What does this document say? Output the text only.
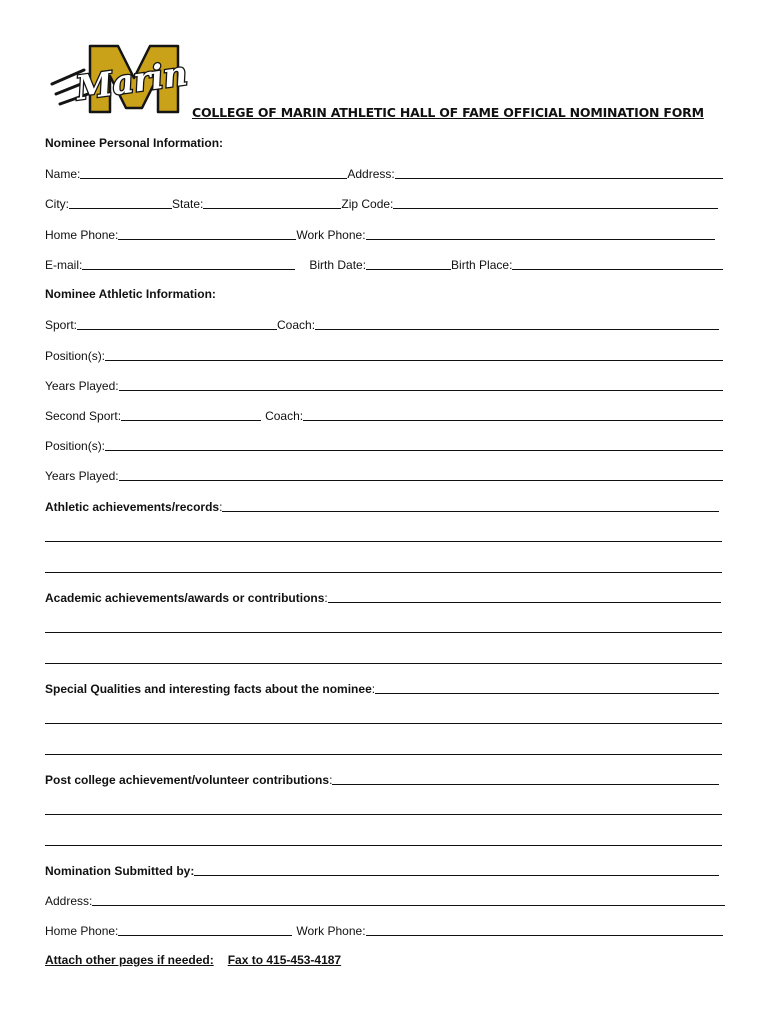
Marin
COLLEGE OF MARIN ATHLETIC HALL OF FAME OFFICIAL NOMINATION FORM
Nominee Personal Information:
Name:	Address:
City:	State:	Zip Code:
Home Phone:	Work Phone:
E-mail:	Birth Date:	Birth Place:
Nominee Athletic Information:
Sport:	Coach:
Position(s):
Years Played:
Second Sport:	Coach:
Position(s):
Years Played:
Athletic achievements/records :
Academic achievements/awards or contributions :
Special Qualities and interesting facts about the nominee :
Post college achievement/volunteer contributions :
Nomination Submitted by:
Address:
Home Phone:	Work Phone:
Attach other pages if needed: Fax to 415-453-4187
